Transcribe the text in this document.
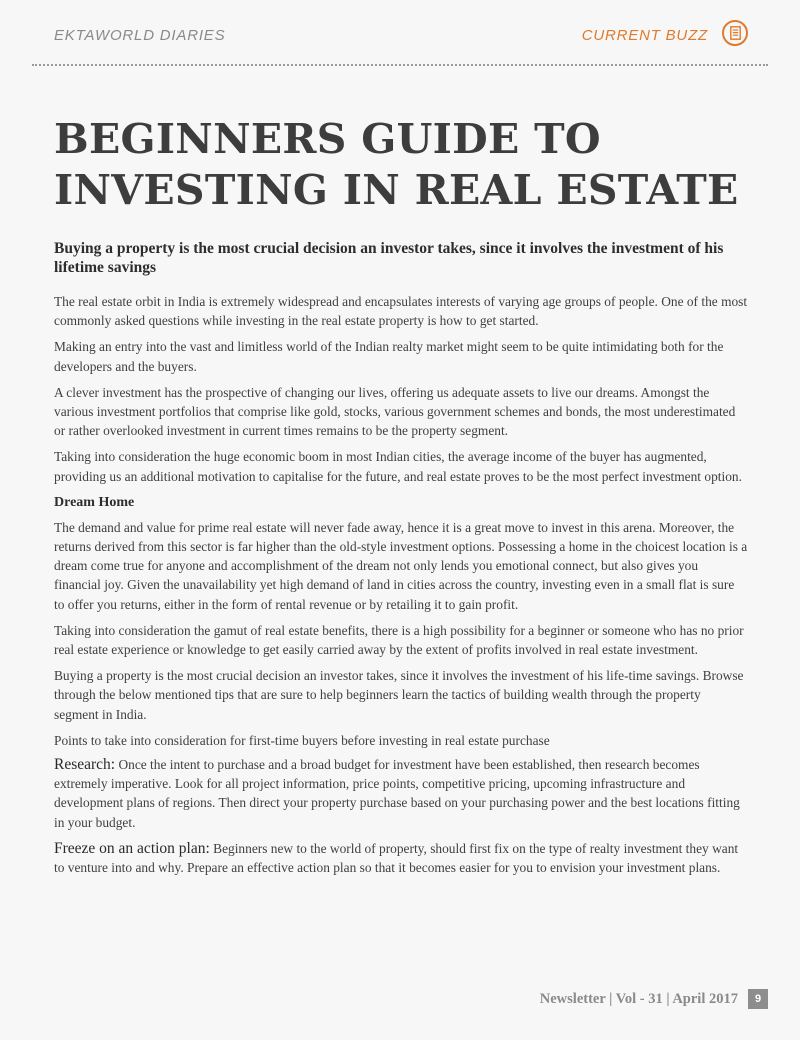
EKTAWORLD DIARIES	CURRENT BUZZ
BEGINNERS GUIDE TO INVESTING IN REAL ESTATE

Buying a property is the most crucial decision an investor takes, since it involves the investment of his lifetime savings

The real estate orbit in India is extremely widespread and encapsulates interests of varying age groups of people. One of the most commonly asked questions while investing in the real estate property is how to get started.

Making an entry into the vast and limitless world of the Indian realty market might seem to be quite intimidating both for the developers and the buyers.

A clever investment has the prospective of changing our lives, offering us adequate assets to live our dreams. Amongst the various investment portfolios that comprise like gold, stocks, various government schemes and bonds, the most underestimated or rather overlooked investment in current times remains to be the property segment.

Taking into consideration the huge economic boom in most Indian cities, the average income of the buyer has augmented, providing us an additional motivation to capitalise for the future, and real estate proves to be the most perfect investment option.

Dream Home

The demand and value for prime real estate will never fade away, hence it is a great move to invest in this arena. Moreover, the returns derived from this sector is far higher than the old-style investment options. Possessing a home in the choicest location is a dream come true for anyone and accomplishment of the dream not only lends you emotional connect, but also gives you financial joy. Given the unavailability yet high demand of land in cities across the country, investing even in a small flat is sure to offer you returns, either in the form of rental revenue or by retailing it to gain profit.

Taking into consideration the gamut of real estate benefits, there is a high possibility for a beginner or someone who has no prior real estate experience or knowledge to get easily carried away by the extent of profits involved in real estate investment.

Buying a property is the most crucial decision an investor takes, since it involves the investment of his life-time savings. Browse through the below mentioned tips that are sure to help beginners learn the tactics of building wealth through the property segment in India.

Points to take into consideration for first-time buyers before investing in real estate purchase

Research: Once the intent to purchase and a broad budget for investment have been established, then research becomes extremely imperative. Look for all project information, price points, competitive pricing, upcoming infrastructure and development plans of regions. Then direct your property purchase based on your purchasing power and the best locations fitting in your budget.

Freeze on an action plan: Beginners new to the world of property, should first fix on the type of realty investment they want to venture into and why. Prepare an effective action plan so that it becomes easier for you to envision your investment plans.

Newsletter | Vol - 31 | April 2017	9
